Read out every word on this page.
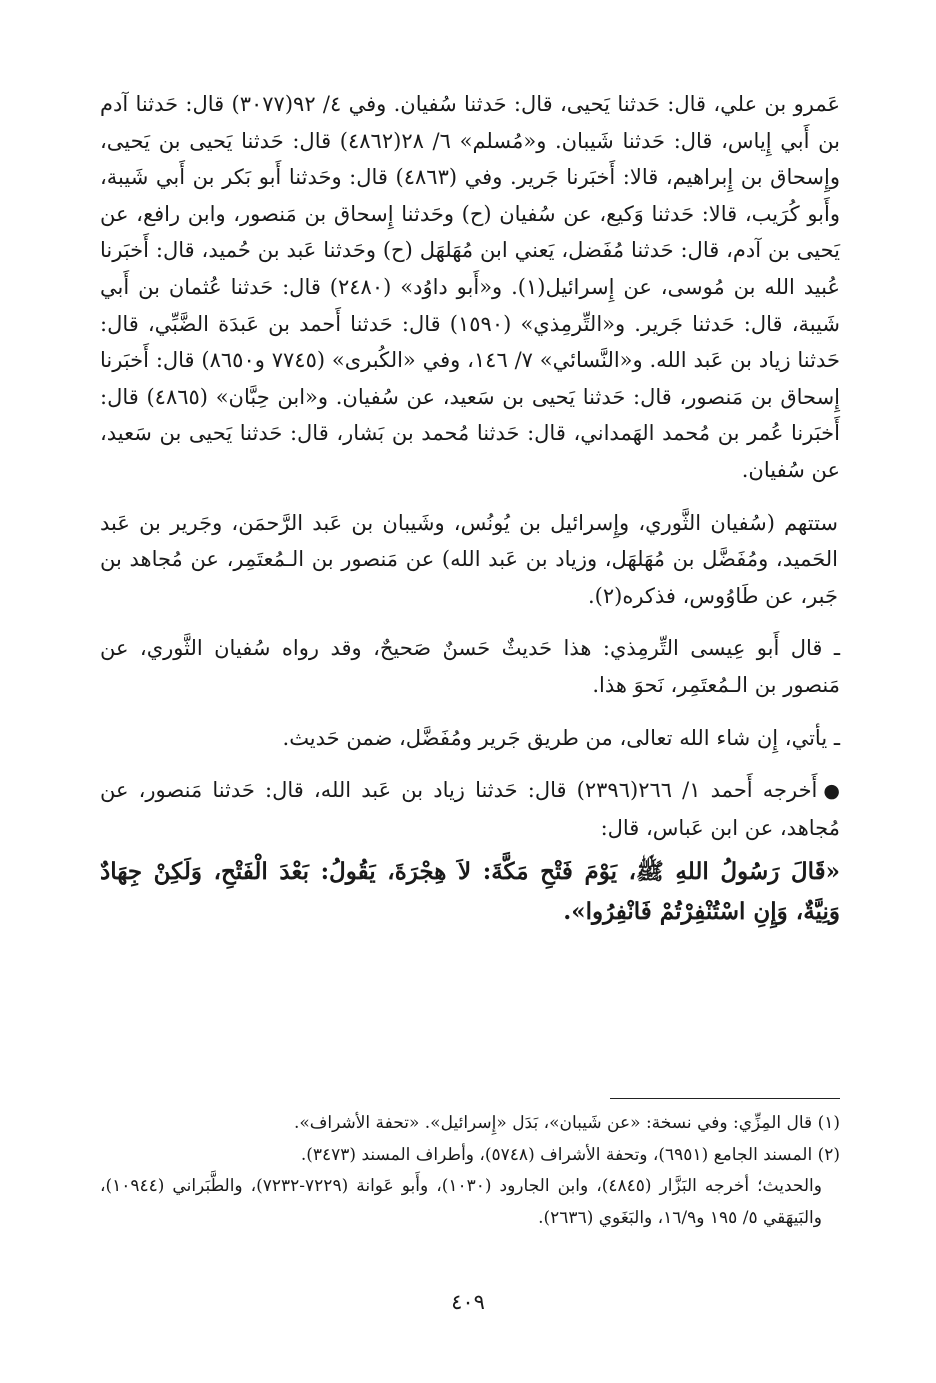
عَمرو بن علي، قال: حَدثنا يَحيى، قال: حَدثنا سُفيان. وفي ٤/ ٩٢(٣٠٧٧) قال: حَدثنا آدم بن أَبي إِياس، قال: حَدثنا شَيبان. و«مُسلم» ٦/ ٢٨(٤٨٦٢) قال: حَدثنا يَحيى بن يَحيى، وإِسحاق بن إِبراهيم، قالا: أَخبَرنا جَرير. وفي (٤٨٦٣) قال: وحَدثنا أَبو بَكر بن أَبي شَيبة، وأَبو كُرَيب، قالا: حَدثنا وَكيع، عن سُفيان (ح) وحَدثنا إِسحاق بن مَنصور، وابن رافع، عن يَحيى بن آدم، قال: حَدثنا مُفَضل، يَعني ابن مُهَلهَل (ح) وحَدثنا عَبد بن حُميد، قال: أَخبَرنا عُبيد الله بن مُوسى، عن إِسرائيل(١). و«أَبو داوُد» (٢٤٨٠) قال: حَدثنا عُثمان بن أَبي شَيبة، قال: حَدثنا جَرير. و«التِّرمِذي» (١٥٩٠) قال: حَدثنا أَحمد بن عَبدَة الضَّبِّي، قال: حَدثنا زياد بن عَبد الله. و«النَّسائي» ٧/ ١٤٦، وفي «الكُبرى» (٧٧٤٥ و٨٦٥٠) قال: أَخبَرنا إِسحاق بن مَنصور، قال: حَدثنا يَحيى بن سَعيد، عن سُفيان. و«ابن حِبَّان» (٤٨٦٥) قال: أَخبَرنا عُمر بن مُحمد الهَمداني، قال: حَدثنا مُحمد بن بَشار، قال: حَدثنا يَحيى بن سَعيد، عن سُفيان.

ستتهم (سُفيان الثَّوري، وإِسرائيل بن يُونُس، وشَيبان بن عَبد الرَّحمَن، وجَرير بن عَبد الحَميد، ومُفَضَّل بن مُهَلهَل، وزياد بن عَبد الله) عن مَنصور بن الـمُعتَمِر، عن مُجاهد بن جَبر، عن طَاوُوس، فذكره(٢).

ـ قال أَبو عِيسى التِّرمِذي: هذا حَديثٌ حَسنٌ صَحيحٌ، وقد رواه سُفيان الثَّوري، عن مَنصور بن الـمُعتَمِر، نَحوَ هذا.

ـ يأتي، إِن شاء الله تعالى، من طريق جَرير ومُفَضَّل، ضمن حَديث.

●أَخرجه أَحمد ١/ ٢٦٦(٢٣٩٦) قال: حَدثنا زياد بن عَبد الله، قال: حَدثنا مَنصور، عن مُجاهد، عن ابن عَباس، قال:

«قَالَ رَسُولُ اللهِ ﷺ، يَوْمَ فَتْحِ مَكَّةَ: لاَ هِجْرَةَ، يَقُولُ: بَعْدَ الْفَتْحِ، وَلَكِنْ جِهَادٌ وَنِيَّةٌ، وَإِنِ اسْتُنْفِرْتُمْ فَانْفِرُوا».

(١) قال المِزِّي: وفي نسخة: «عن شَيبان»، بَدَل «إِسرائيل». «تحفة الأشراف».

(٢) المسند الجامع (٦٩٥١)، وتحفة الأشراف (٥٧٤٨)، وأطراف المسند (٣٤٧٣).

والحديث؛ أخرجه البَزَّار (٤٨٤٥)، وابن الجارود (١٠٣٠)، وأَبو عَوانة (٧٢٢٩-٧٢٣٢)، والطَّبَراني (١٠٩٤٤)، والبَيهَقي ٥/ ١٩٥ و١٦/٩، والبَغَوي (٢٦٣٦).

٤٠٩
